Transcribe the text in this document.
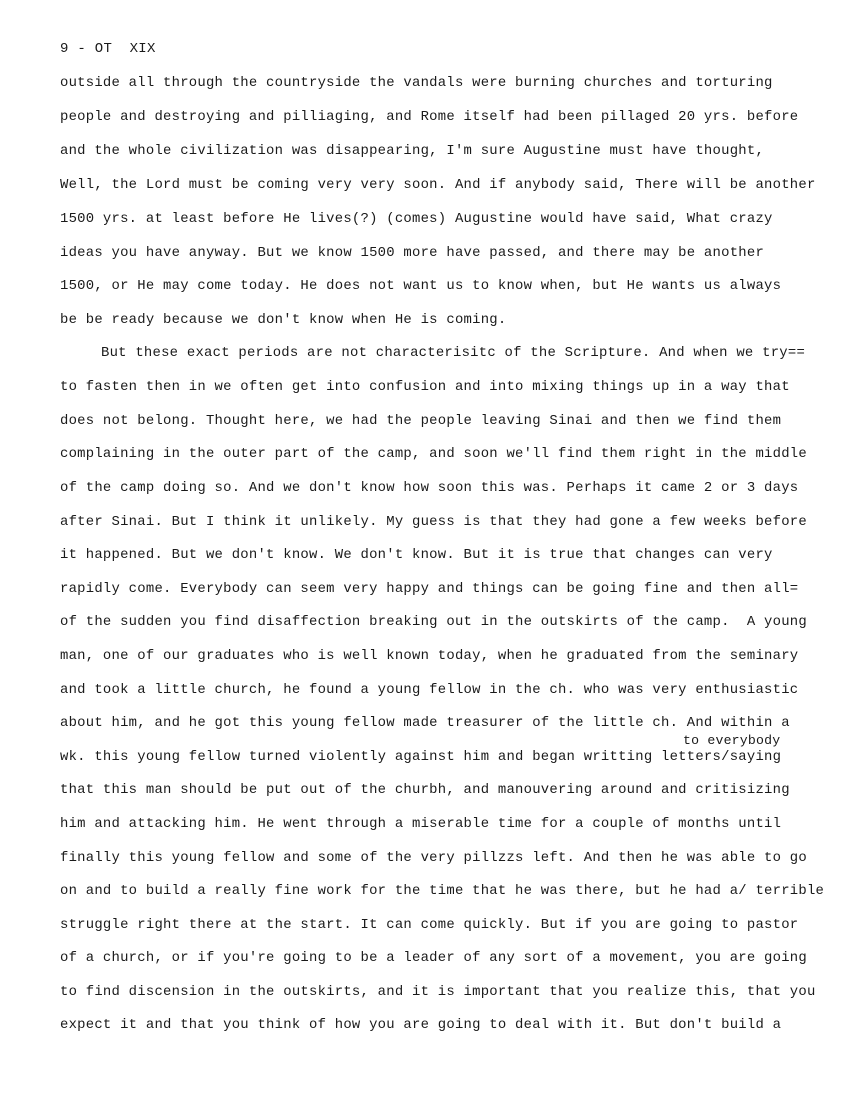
9 - OT  XIX
outside all through the countryside the vandals were burning churches and torturing
people and destroying and pilliaging, and Rome itself had been pillaged 20 yrs. before
and the whole civilization was disappearing, I'm sure Augustine must have thought,
Well, the Lord must be coming very very soon. And if anybody said, There will be another
1500 yrs. at least before He lives(?) (comes) Augustine would have said, What crazy
ideas you have anyway. But we know 1500 more have passed, and there may be another
1500, or He may come today. He does not want us to know when, but He wants us always
be be ready because we don't know when He is coming.
But these exact periods are not characterisitc of the Scripture. And when we try==
to fasten then in we often get into confusion and into mixing things up in a way that
does not belong. Thought here, we had the people leaving Sinai and then we find them
complaining in the outer part of the camp, and soon we'll find them right in the middle
of the camp doing so. And we don't know how soon this was. Perhaps it came 2 or 3 days
after Sinai. But I think it unlikely. My guess is that they had gone a few weeks before
it happened. But we don't know. We don't know. But it is true that changes can very
rapidly come. Everybody can seem very happy and things can be going fine and then all=
of the sudden you find disaffection breaking out in the outskirts of the camp.  A young
man, one of our graduates who is well known today, when he graduated from the seminary
and took a little church, he found a young fellow in the ch. who was very enthusiastic
about him, and he got this young fellow made treasurer of the little ch. And within a
to everybody
wk. this young fellow turned violently against him and began writting letters/saying
that this man should be put out of the churbh, and manouvering around and critisizing
him and attacking him. He went through a miserable time for a couple of months until
finally this young fellow and some of the very pillzzs left. And then he was able to go
on and to build a really fine work for the time that he was there, but he had a/ terrible
struggle right there at the start. It can come quickly. But if you are going to pastor
of a church, or if you're going to be a leader of any sort of a movement, you are going
to find discension in the outskirts, and it is important that you realize this, that you
expect it and that you think of how you are going to deal with it. But don't build a
